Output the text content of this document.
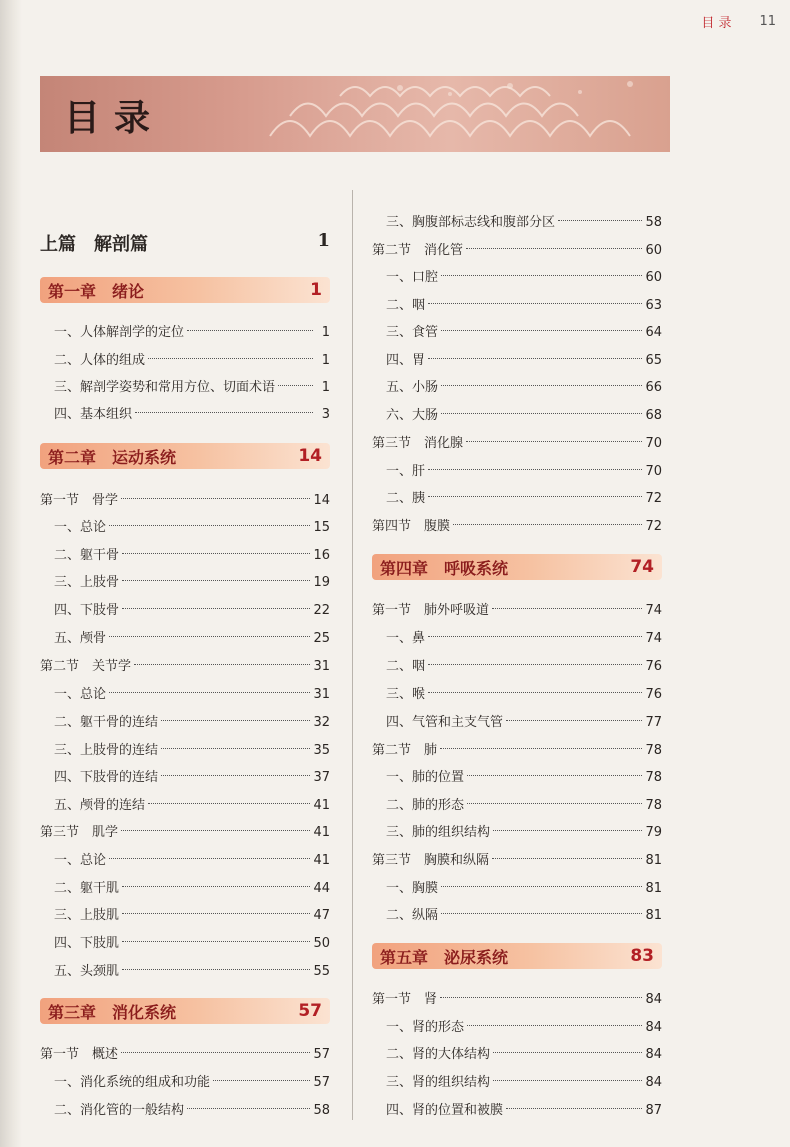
目 录 11
目录
上篇　解剖篇	1
第一章　绪论	1
一、人体解剖学的定位	1
二、人体的组成	1
三、解剖学姿势和常用方位、切面术语	1
四、基本组织	3
第二章　运动系统	14
第一节　骨学	14
一、总论	15
二、躯干骨	16
三、上肢骨	19
四、下肢骨	22
五、颅骨	25
第二节　关节学	31
一、总论	31
二、躯干骨的连结	32
三、上肢骨的连结	35
四、下肢骨的连结	37
五、颅骨的连结	41
第三节　肌学	41
一、总论	41
二、躯干肌	44
三、上肢肌	47
四、下肢肌	50
五、头颈肌	55
第三章　消化系统	57
第一节　概述	57
一、消化系统的组成和功能	57
二、消化管的一般结构	58
三、胸腹部标志线和腹部分区	58
第二节　消化管	60
一、口腔	60
二、咽	63
三、食管	64
四、胃	65
五、小肠	66
六、大肠	68
第三节　消化腺	70
一、肝	70
二、胰	72
第四节　腹膜	72
第四章　呼吸系统	74
第一节　肺外呼吸道	74
一、鼻	74
二、咽	76
三、喉	76
四、气管和主支气管	77
第二节　肺	78
一、肺的位置	78
二、肺的形态	78
三、肺的组织结构	79
第三节　胸膜和纵隔	81
一、胸膜	81
二、纵隔	81
第五章　泌尿系统	83
第一节　肾	84
一、肾的形态	84
二、肾的大体结构	84
三、肾的组织结构	84
四、肾的位置和被膜	87
